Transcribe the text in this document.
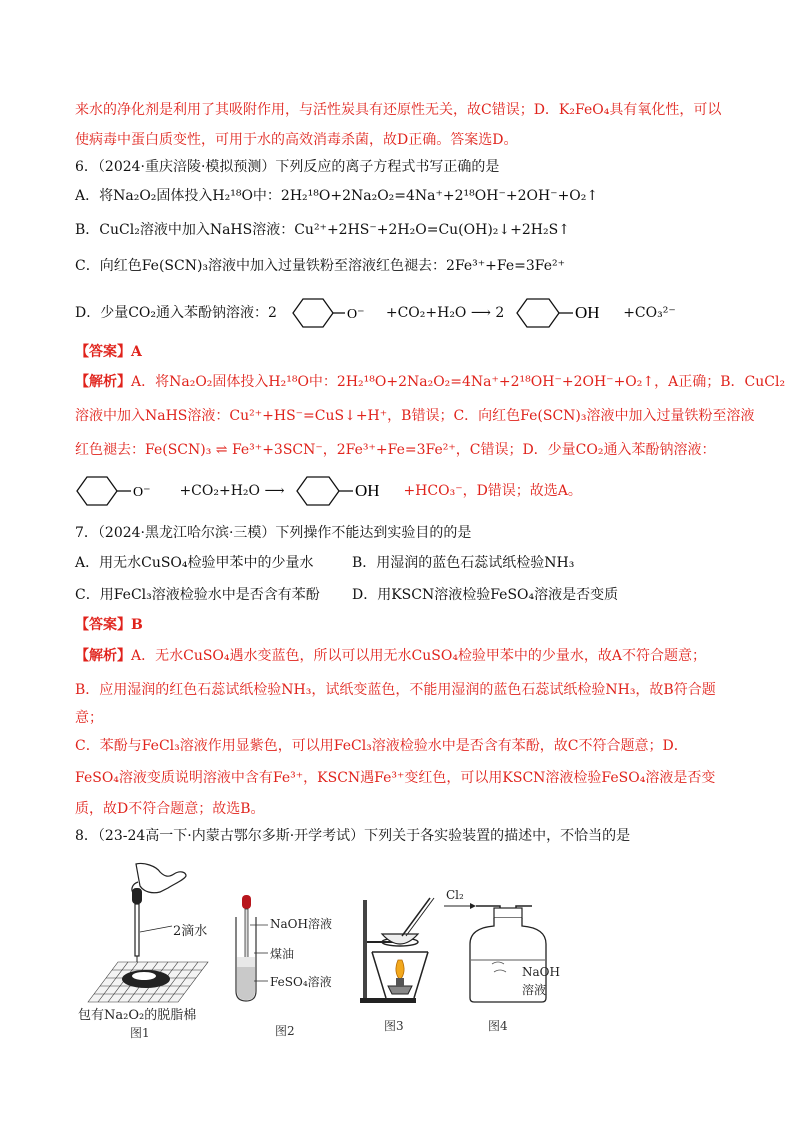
来水的净化剂是利用了其吸附作用，与活性炭具有还原性无关，故C错误；D．K₂FeO₄具有氧化性，可以
使病毒中蛋白质变性，可用于水的高效消毒杀菌，故D正确。答案选D。
6．（2024·重庆涪陵·模拟预测）下列反应的离子方程式书写正确的是
A．将Na₂O₂固体投入H₂¹⁸O中：2H₂¹⁸O+2Na₂O₂=4Na⁺+2¹⁸OH⁻+2OH⁻+O₂↑
B．CuCl₂溶液中加入NaHS溶液：Cu²⁺+2HS⁻+2H₂O=Cu(OH)₂↓+2H₂S↑
C．向红色Fe(SCN)₃溶液中加入过量铁粉至溶液红色褪去：2Fe³⁺+Fe=3Fe²⁺
D．少量CO₂通入苯酚钠溶液：2	O⁻ +CO₂+H₂O ⟶ 2	OH +CO₃²⁻
【答案】A
【解析】A．将Na₂O₂固体投入H₂¹⁸O中：2H₂¹⁸O+2Na₂O₂=4Na⁺+2¹⁸OH⁻+2OH⁻+O₂↑，A正确；B．CuCl₂
溶液中加入NaHS溶液：Cu²⁺+HS⁻=CuS↓+H⁺，B错误；C．向红色Fe(SCN)₃溶液中加入过量铁粉至溶液
红色褪去：Fe(SCN)₃ ⇌ Fe³⁺+3SCN⁻，2Fe³⁺+Fe=3Fe²⁺，C错误；D．少量CO₂通入苯酚钠溶液：
O⁻ +CO₂+H₂O ⟶	OH +HCO₃⁻，D错误；故选A。
7．（2024·黑龙江哈尔滨·三模）下列操作不能达到实验目的的是
A．用无水CuSO₄检验甲苯中的少量水	B．用湿润的蓝色石蕊试纸检验NH₃
C．用FeCl₃溶液检验水中是否含有苯酚 D．用KSCN溶液检验FeSO₄溶液是否变质
【答案】B
【解析】A．无水CuSO₄遇水变蓝色，所以可以用无水CuSO₄检验甲苯中的少量水，故A不符合题意；
B．应用湿润的红色石蕊试纸检验NH₃，试纸变蓝色，不能用湿润的蓝色石蕊试纸检验NH₃，故B符合题
意；
C．苯酚与FeCl₃溶液作用显紫色，可以用FeCl₃溶液检验水中是否含有苯酚，故C不符合题意；D．
FeSO₄溶液变质说明溶液中含有Fe³⁺，KSCN遇Fe³⁺变红色，可以用KSCN溶液检验FeSO₄溶液是否变
质，故D不符合题意；故选B。
8．（23-24高一下·内蒙古鄂尔多斯·开学考试）下列关于各实验装置的描述中，不恰当的是
2滴水
包有Na₂O₂的脱脂棉
图1
NaOH溶液
煤油
FeSO₄溶液
图2	图3
Cl₂
NaOH
溶液
图4
